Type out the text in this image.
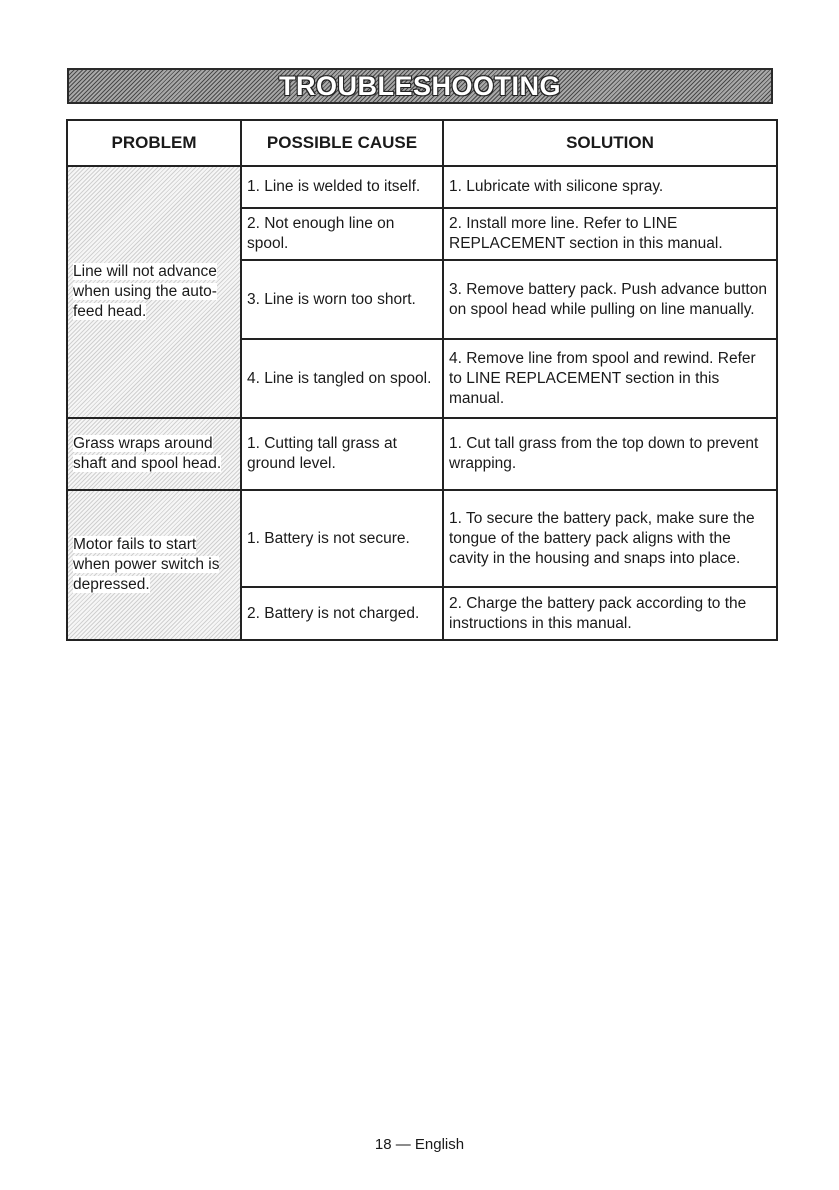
TROUBLESHOOTING
PROBLEM	POSSIBLE CAUSE	SOLUTION
Line will not advance when using the auto-feed head.	1. Line is welded to itself.	1. Lubricate with silicone spray.
	2. Not enough line on spool.	2. Install more line. Refer to LINE REPLACEMENT section in this manual.
	3. Line is worn too short.	3. Remove battery pack. Push advance button on spool head while pulling on line manually.
	4. Line is tangled on spool.	4. Remove line from spool and rewind. Refer to LINE REPLACEMENT section in this manual.
Grass wraps around shaft and spool head.	1. Cutting tall grass at ground level.	1. Cut tall grass from the top down to prevent wrapping.
Motor fails to start when power switch is depressed.	1. Battery is not secure.	1. To secure the battery pack, make sure the tongue of the battery pack aligns with the cavity in the housing and snaps into place.
	2. Battery is not charged.	2. Charge the battery pack according to the instructions in this manual.
18 — English
